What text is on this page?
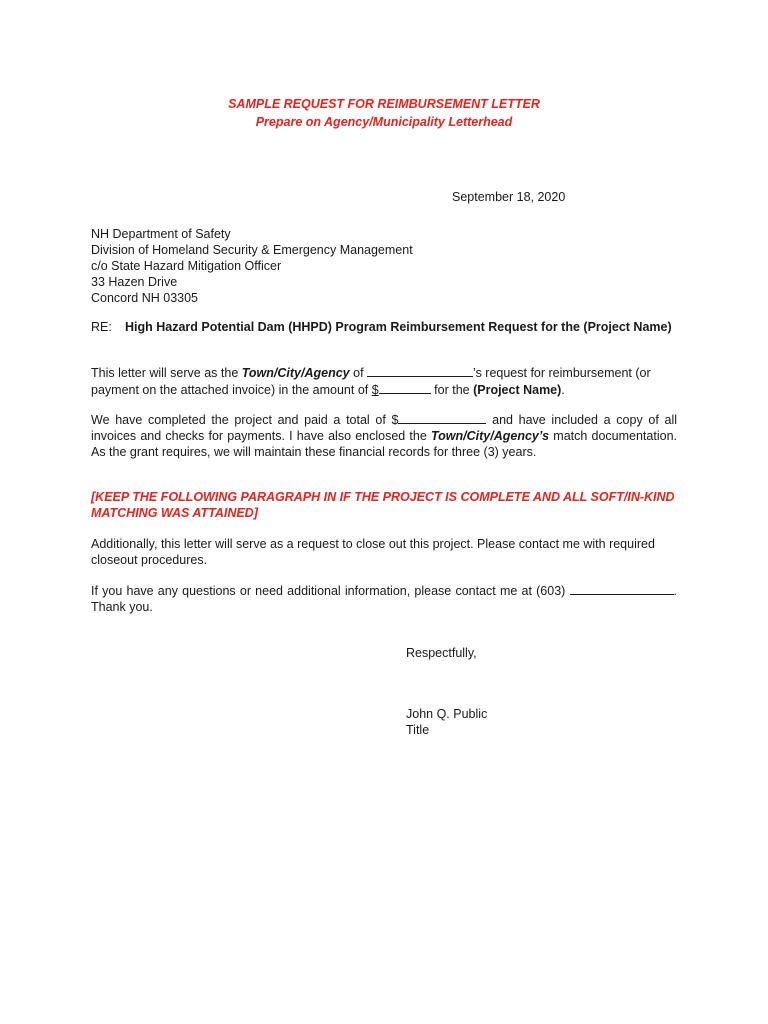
SAMPLE REQUEST FOR REIMBURSEMENT LETTER
Prepare on Agency/Municipality Letterhead
September 18, 2020
NH Department of Safety
Division of Homeland Security & Emergency Management
c/o State Hazard Mitigation Officer
33 Hazen Drive
Concord NH 03305
RE:	High Hazard Potential Dam (HHPD) Program Reimbursement Request for the (Project Name)
This letter will serve as the Town/City/Agency of	’s request for reimbursement (or payment on the attached invoice) in the amount of $	for the (Project Name).
We have completed the project and paid a total of $	and have included a copy of all invoices and checks for payments. I have also enclosed the Town/City/Agency’s match documentation. As the grant requires, we will maintain these financial records for three (3) years.
[KEEP THE FOLLOWING PARAGRAPH IN IF THE PROJECT IS COMPLETE AND ALL SOFT/IN-KIND MATCHING WAS ATTAINED]
Additionally, this letter will serve as a request to close out this project. Please contact me with required closeout procedures.
If you have any questions or need additional information, please contact me at (603)	. Thank you.
Respectfully,
John Q. Public
Title
